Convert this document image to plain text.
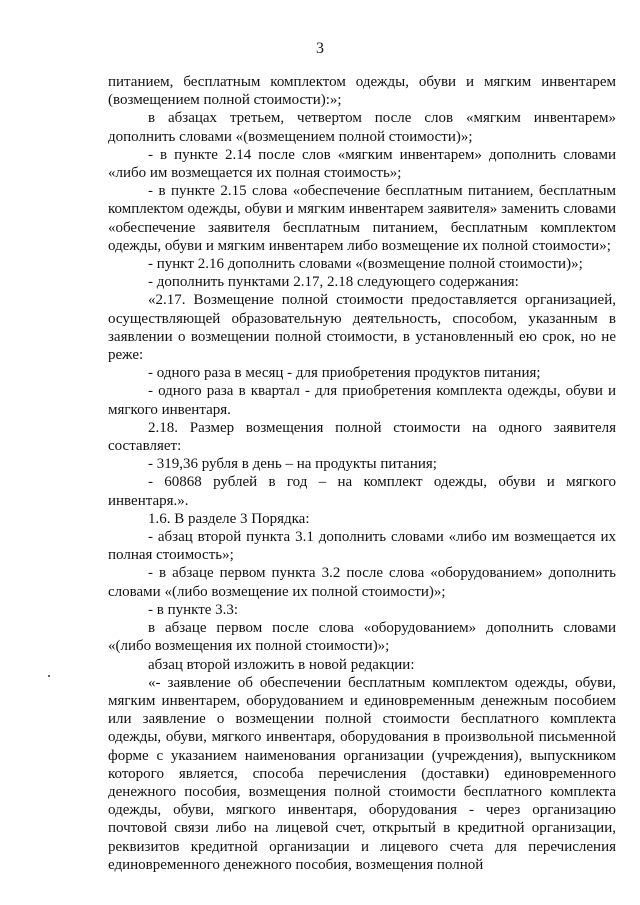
3

питанием, бесплатным комплектом одежды, обуви и мягким инвентарем (возмещением полной стоимости):»;

в абзацах третьем, четвертом после слов «мягким инвентарем» дополнить словами «(возмещением полной стоимости)»;

- в пункте 2.14 после слов «мягким инвентарем» дополнить словами «либо им возмещается их полная стоимость»;

- в пункте 2.15 слова «обеспечение бесплатным питанием, бесплатным комплектом одежды, обуви и мягким инвентарем заявителя» заменить словами «обеспечение заявителя бесплатным питанием, бесплатным комплектом одежды, обуви и мягким инвентарем либо возмещение их полной стоимости»;

- пункт 2.16 дополнить словами «(возмещение полной стоимости)»;

- дополнить пунктами 2.17, 2.18 следующего содержания:

«2.17. Возмещение полной стоимости предоставляется организацией, осуществляющей образовательную деятельность, способом, указанным в заявлении о возмещении полной стоимости, в установленный ею срок, но не реже:

- одного раза в месяц - для приобретения продуктов питания;

- одного раза в квартал - для приобретения комплекта одежды, обуви и мягкого инвентаря.

2.18. Размер возмещения полной стоимости на одного заявителя составляет:

- 319,36 рубля в день – на продукты питания;

- 60868 рублей в год – на комплект одежды, обуви и мягкого инвентаря.».

1.6. В разделе 3 Порядка:

- абзац второй пункта 3.1 дополнить словами «либо им возмещается их полная стоимость»;

- в абзаце первом пункта 3.2 после слова «оборудованием» дополнить словами «(либо возмещение их полной стоимости)»;

- в пункте 3.3:

в абзаце первом после слова «оборудованием» дополнить словами «(либо возмещения их полной стоимости)»;

абзац второй изложить в новой редакции:

«- заявление об обеспечении бесплатным комплектом одежды, обуви, мягким инвентарем, оборудованием и единовременным денежным пособием или заявление о возмещении полной стоимости бесплатного комплекта одежды, обуви, мягкого инвентаря, оборудования в произвольной письменной форме с указанием наименования организации (учреждения), выпускником которого является, способа перечисления (доставки) единовременного денежного пособия, возмещения полной стоимости бесплатного комплекта одежды, обуви, мягкого инвентаря, оборудования - через организацию почтовой связи либо на лицевой счет, открытый в кредитной организации, реквизитов кредитной организации и лицевого счета для перечисления единовременного денежного пособия, возмещения полной
